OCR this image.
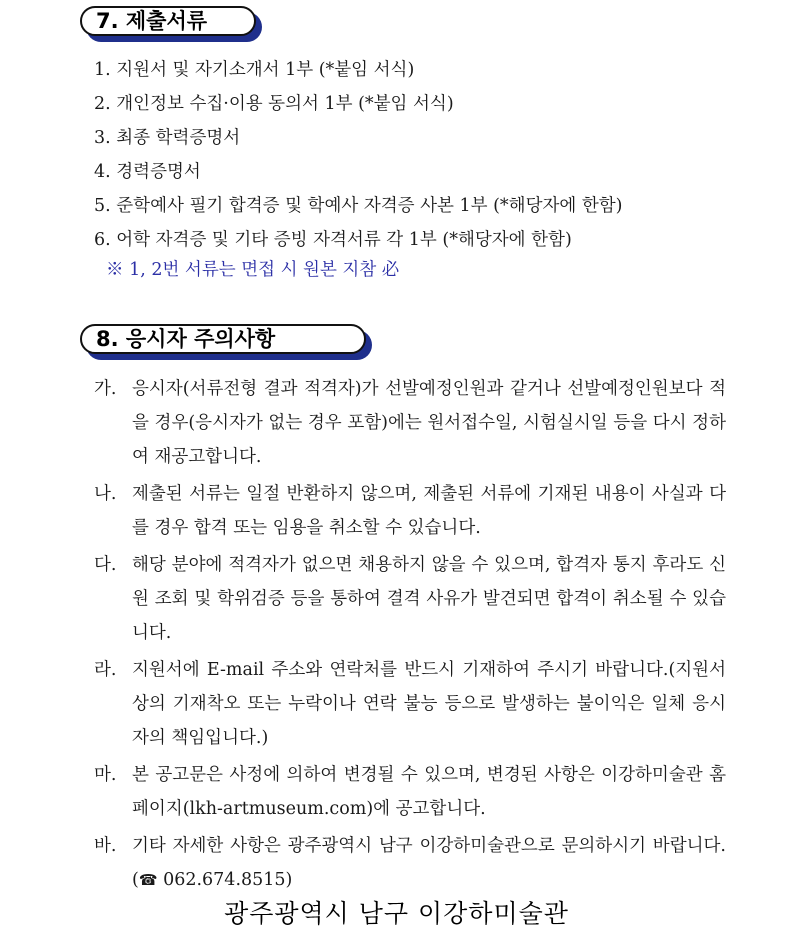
7. 제출서류
1. 지원서 및 자기소개서 1부 (*붙임 서식)
2. 개인정보 수집·이용 동의서 1부 (*붙임 서식)
3. 최종 학력증명서
4. 경력증명서
5. 준학예사 필기 합격증 및 학예사 자격증 사본 1부 (*해당자에 한함)
6. 어학 자격증 및 기타 증빙 자격서류 각 1부 (*해당자에 한함)
※ 1, 2번 서류는 면접 시 원본 지참 必
8. 응시자 주의사항
가. 응시자(서류전형 결과 적격자)가 선발예정인원과 같거나 선발예정인원보다 적을 경우(응시자가 없는 경우 포함)에는 원서접수일, 시험실시일 등을 다시 정하여 재공고합니다.
나. 제출된 서류는 일절 반환하지 않으며, 제출된 서류에 기재된 내용이 사실과 다를 경우 합격 또는 임용을 취소할 수 있습니다.
다. 해당 분야에 적격자가 없으면 채용하지 않을 수 있으며, 합격자 통지 후라도 신원 조회 및 학위검증 등을 통하여 결격 사유가 발견되면 합격이 취소될 수 있습니다.
라. 지원서에 E-mail 주소와 연락처를 반드시 기재하여 주시기 바랍니다.(지원서 상의 기재착오 또는 누락이나 연락 불능 등으로 발생하는 불이익은 일체 응시자의 책임입니다.)
마. 본 공고문은 사정에 의하여 변경될 수 있으며, 변경된 사항은 이강하미술관 홈페이지(lkh-artmuseum.com)에 공고합니다.
바. 기타 자세한 사항은 광주광역시 남구 이강하미술관으로 문의하시기 바랍니다. (☎ 062.674.8515)
광주광역시 남구 이강하미술관
